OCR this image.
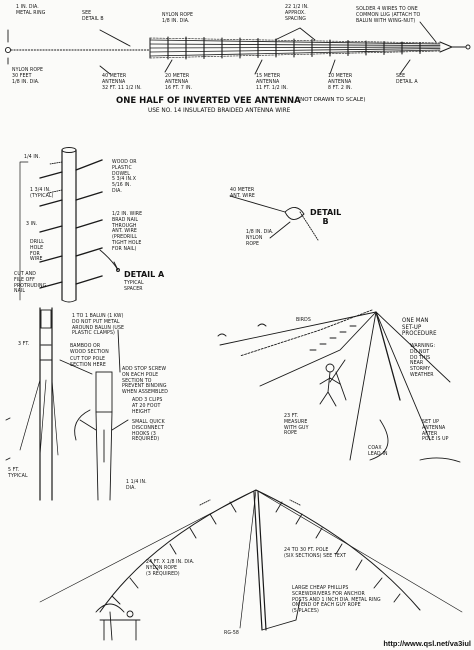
1 IN. DIA.
METAL RING	SEE
DETAIL B
NYLON ROPE
1/8 IN. DIA.
22 1/2 IN.
APPROX.
SPACING
SOLDER 4 WIRES TO ONE
COMMON LUG (ATTACH TO
BALUN WITH WING-NUT)
NYLON ROPE
30 FEET
1/8 IN. DIA.
40 METER
ANTENNA
32 FT. 11 1/2 IN.
20 METER
ANTENNA
16 FT. 7 IN.
15 METER
ANTENNA
11 FT. 1/2 IN.
10 METER
ANTENNA
8 FT. 2 IN.
SEE
DETAIL A
ONE HALF OF INVERTED VEE ANTENNA
(NOT DRAWN TO SCALE)
USE NO. 14 INSULATED BRAIDED ANTENNA WIRE
1/4 IN.
1 3/4 IN.
(TYPICAL)
3 IN.
WOOD OR
PLASTIC
DOWEL
5 3/4 IN.X
5/16 IN.
DIA.
DRILL
HOLE
FOR
WIRE
1/2 IN. WIRE
BRAD NAIL
THROUGH
ANT. WIRE
(PREDRILL
TIGHT HOLE
FOR NAIL)
CUT AND
FILE OFF
PROTRUDING
NAIL
DETAIL A
TYPICAL
SPACER
40 METER
ANT. WIRE
DETAIL
B
1/8 IN. DIA.
NYLON
ROPE
1 TO 1 BALUN (1 KW)
DO NOT PUT METAL
AROUND BALUN (USE
PLASTIC CLAMPS)
BAMBOO OR
WOOD SECTION
CUT TOP POLE
SECTION HERE
ADD STOP SCREW
ON EACH POLE
SECTION TO
PREVENT BINDING
WHEN ASSEMBLED
ADD 3 CLIPS
AT 20 FOOT
HEIGHT
SMALL QUICK
DISCONNECT
HOOKS (3
REQUIRED)
1 1/4 IN.
DIA.
3 FT.
5 FT.
TYPICAL
BIRDS	ONE MAN
SET-UP
PROCEDURE
WARNING:
DO NOT
DO THIS
NEAR
STORMY
WEATHER
23 FT.
MEASURE
WITH GUY
ROPE
COAX
LEAD-IN
SET UP
ANTENNA
AFTER
POLE IS UP
24 FT. X 1/8 IN. DIA.
NYLON ROPE
(3 REQUIRED)
24 TO 30 FT. POLE
(SIX SECTIONS) SEE TEXT
LARGE CHEAP PHILLIPS
SCREWDRIVERS FOR ANCHOR
POSTS AND 1 INCH DIA. METAL RING
ON END OF EACH GUY ROPE
(5 PLACES)
RG-58
http://www.qsl.net/va3iul
